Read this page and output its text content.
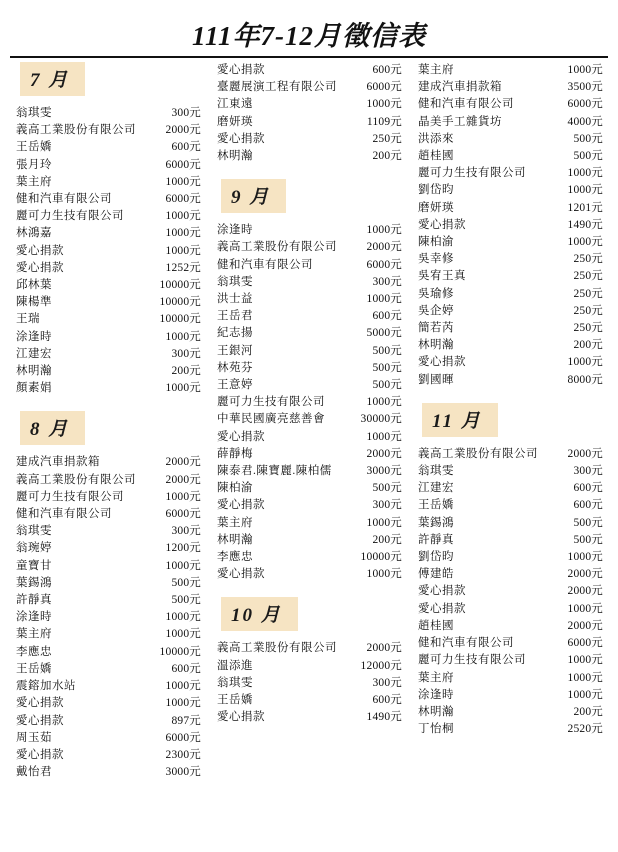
111年7-12月徵信表
7 月
翁琪雯	300元
義高工業股份有限公司	2000元
王岳嬌	600元
張月玲	6000元
葉主府	1000元
健和汽車有限公司	6000元
麗可力生技有限公司	1000元
林鴻嘉	1000元
愛心捐款	1000元
愛心捐款	1252元
邱林葉	10000元
陳楊準	10000元
王瑞	10000元
涂逢時	1000元
江建宏	300元
林明瀚	200元
顏素娟	1000元
8 月
建成汽車捐款箱	2000元
義高工業股份有限公司	2000元
麗可力生技有限公司	1000元
健和汽車有限公司	6000元
翁琪雯	300元
翁琬婷	1200元
童寶甘	1000元
葉錫鴻	500元
許靜真	500元
涂逢時	1000元
葉主府	1000元
李應忠	10000元
王岳嬌	600元
震鎔加水站	1000元
愛心捐款	1000元
愛心捐款	897元
周玉茹	6000元
愛心捐款	2300元
戴怡君	3000元
愛心捐款	600元
臺麗展演工程有限公司	6000元
江東遠	1000元
磨妍瑛	1109元
愛心捐款	250元
林明瀚	200元
9 月
涂逢時	1000元
義高工業股份有限公司	2000元
健和汽車有限公司	6000元
翁琪雯	300元
洪士益	1000元
王岳君	600元
紀志揚	5000元
王銀河	500元
林苑芬	500元
王意婷	500元
麗可力生技有限公司	1000元
中華民國廣亮慈善會	30000元
愛心捐款	1000元
薛靜梅	2000元
陳泰君.陳寶麗.陳柏儒	3000元
陳柏渝	500元
愛心捐款	300元
葉主府	1000元
林明瀚	200元
李應忠	10000元
愛心捐款	1000元
10 月
義高工業股份有限公司	2000元
溫添進	12000元
翁琪雯	300元
王岳嬌	600元
愛心捐款	1490元
葉主府	1000元
建成汽車捐款箱	3500元
健和汽車有限公司	6000元
晶美手工雜貨坊	4000元
洪添來	500元
趙桂國	500元
麗可力生技有限公司	1000元
劉岱昀	1000元
磨妍瑛	1201元
愛心捐款	1490元
陳柏渝	1000元
吳幸修	250元
吳宥王真	250元
吳瑜修	250元
吳企婷	250元
簡若芮	250元
林明瀚	200元
愛心捐款	1000元
劉國暉	8000元
11 月
義高工業股份有限公司	2000元
翁琪雯	300元
江建宏	600元
王岳嬌	600元
葉錫鴻	500元
許靜真	500元
劉岱昀	1000元
傅建皓	2000元
愛心捐款	2000元
愛心捐款	1000元
趙桂國	2000元
健和汽車有限公司	6000元
麗可力生技有限公司	1000元
葉主府	1000元
涂逢時	1000元
林明瀚	200元
丁怡桐	2520元
